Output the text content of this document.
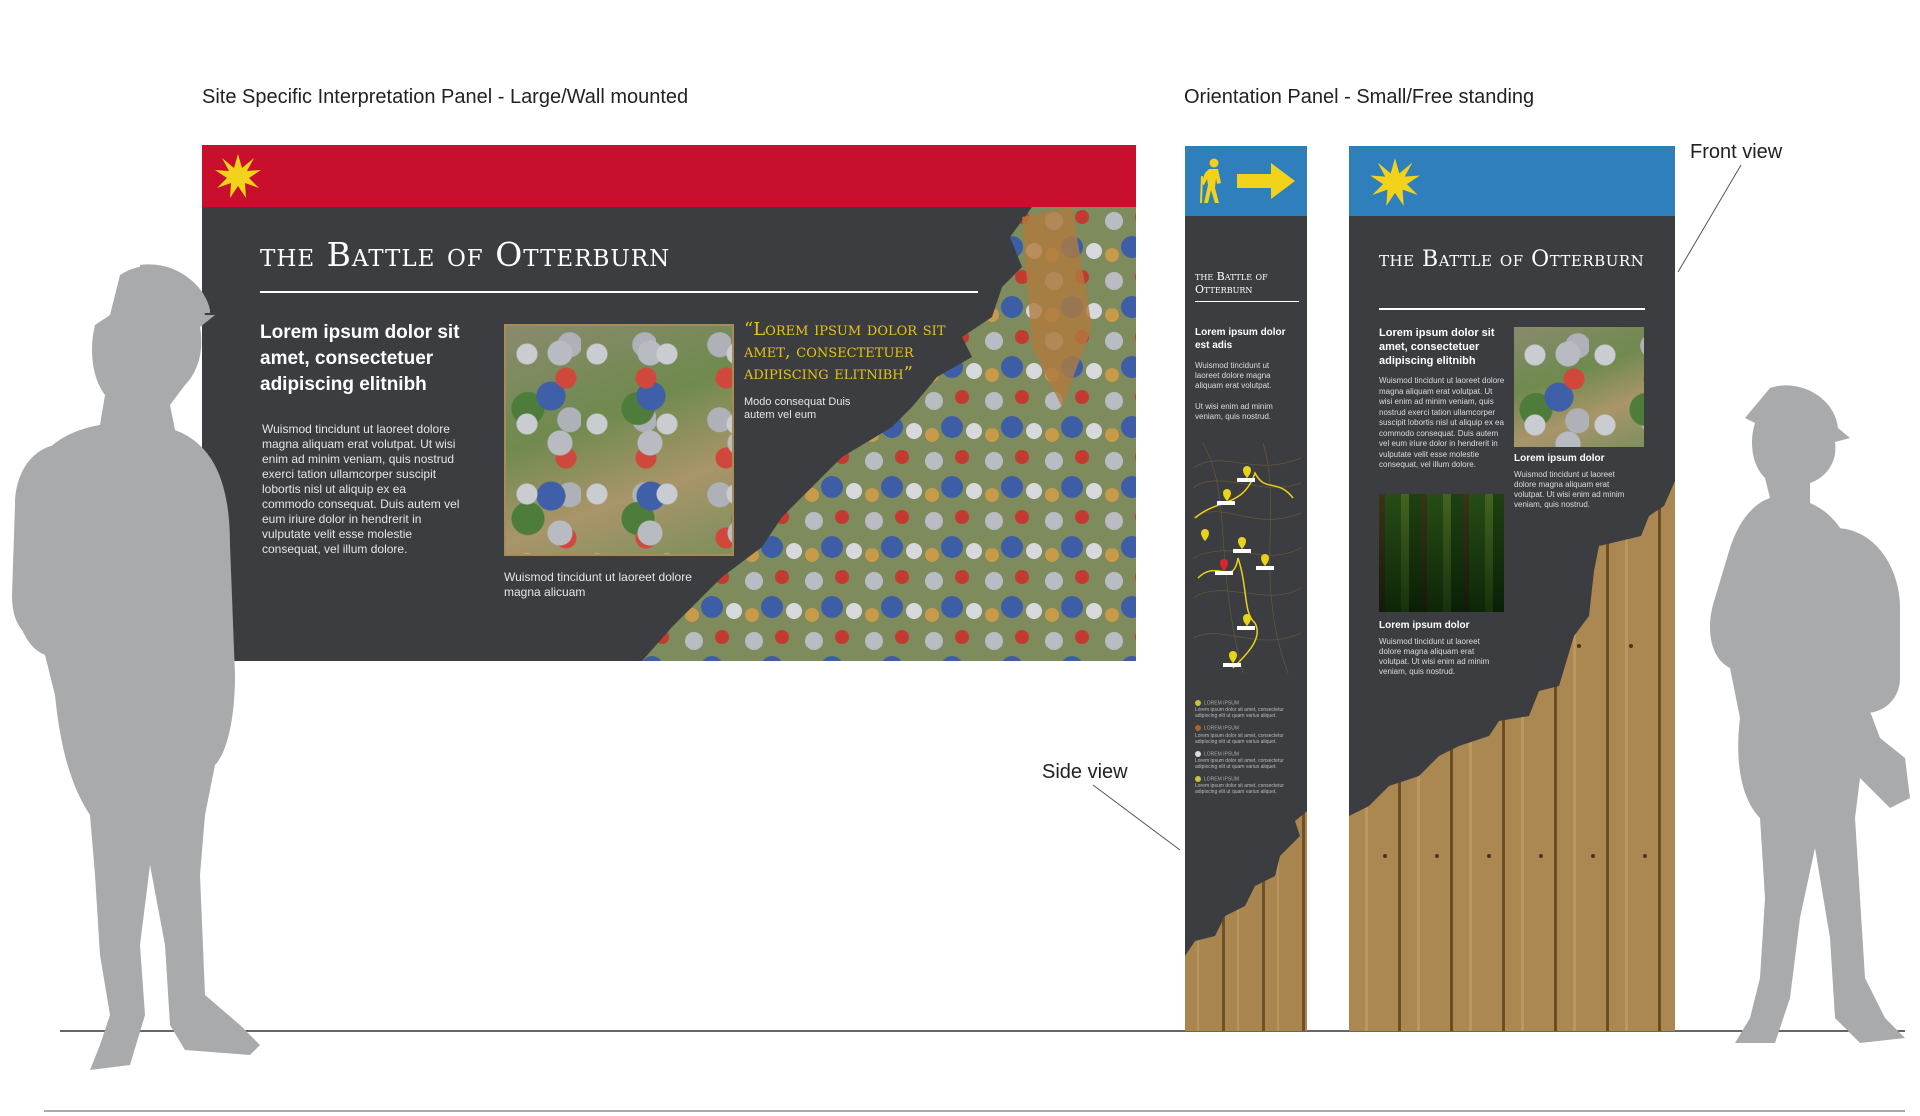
Site Specific Interpretation Panel - Large/Wall mounted	Orientation Panel - Small/Free standing
Front view
Side view
the Battle of Otterburn
Lorem ipsum dolor sit amet, consectetuer adipiscing elitnibh
Wuismod tincidunt ut laoreet dolore magna aliquam erat volutpat. Ut wisi enim ad minim veniam, quis nostrud exerci tation ullamcorper suscipit lobortis nisl ut aliquip ex ea commodo consequat. Duis autem vel eum iriure dolor in hendrerit in vulputate velit esse molestie consequat, vel illum dolore.
Wuismod tincidunt ut laoreet dolore magna alicuam
“Lorem ipsum dolor sit amet, consectetuer adipiscing elitnibh”
Modo consequat Duis autem vel eum
the Battle of Otterburn
Lorem ipsum dolor est adis
Wuismod tincidunt ut laoreet dolore magna aliquam erat volutpat.
Ut wisi enim ad minim veniam, quis nostrud.
LOREM IPSUM
Lorem ipsum dolor sit amet, consectetur adipiscing elit ut quam varius aliquet.
LOREM IPSUM
Lorem ipsum dolor sit amet, consectetur adipiscing elit ut quam varius aliquet.
LOREM IPSUM
Lorem ipsum dolor sit amet, consectetur adipiscing elit ut quam varius aliquet.
LOREM IPSUM
Lorem ipsum dolor sit amet, consectetur adipiscing elit ut quam varius aliquet.
the Battle of Otterburn
Lorem ipsum dolor sit amet, consectetuer adipiscing elitnibh
Wuismod tincidunt ut laoreet dolore magna aliquam erat volutpat. Ut wisi enim ad minim veniam, quis nostrud exerci tation ullamcorper suscipit lobortis nisl ut aliquip ex ea commodo consequat. Duis autem vel eum iriure dolor in hendrerit in vulputate velit esse molestie consequat, vel illum dolore.
Lorem ipsum dolor
Wuismod tincidunt ut laoreet dolore magna aliquam erat volutpat. Ut wisi enim ad minim veniam, quis nostrud.
Lorem ipsum dolor
Wuismod tincidunt ut laoreet dolore magna aliquam erat volutpat. Ut wisi enim ad minim veniam, quis nostrud.
